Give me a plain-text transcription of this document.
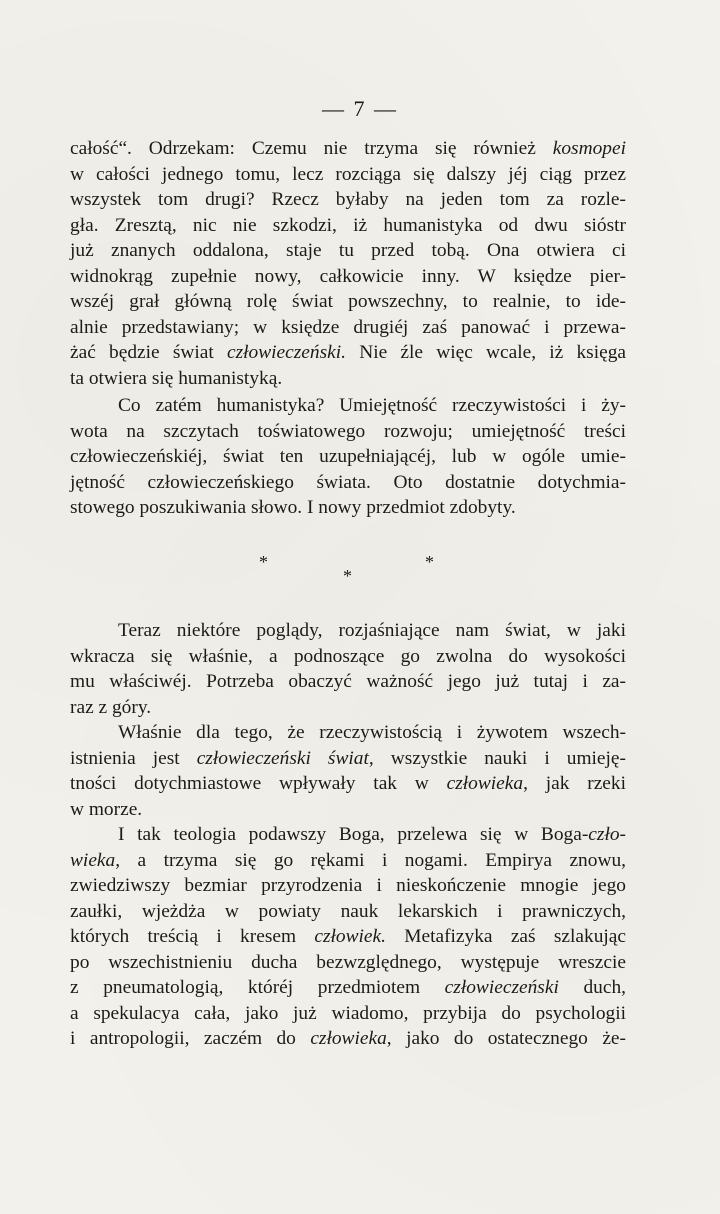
— 7 —
całość“. Odrzekam: Czemu nie trzyma się również kosmopei
w całości jednego tomu, lecz rozciąga się dalszy jéj ciąg przez
wszystek tom drugi? Rzecz byłaby na jeden tom za rozle-
gła. Zresztą, nic nie szkodzi, iż humanistyka od dwu sióstr
już znanych oddalona, staje tu przed tobą. Ona otwiera ci
widnokrąg zupełnie nowy, całkowicie inny. W księdze pier-
wszéj grał główną rolę świat powszechny, to realnie, to ide-
alnie przedstawiany; w księdze drugiéj zaś panować i przewa-
żać będzie świat człowieczeński. Nie źle więc wcale, iż księga
ta otwiera się humanistyką.
Co zatém humanistyka? Umiejętność rzeczywistości i ży-
wota na szczytach toświatowego rozwoju; umiejętność treści
człowieczeńskiéj, świat ten uzupełniającéj, lub w ogóle umie-
jętność człowieczeńskiego świata. Oto dostatnie dotychmia-
stowego poszukiwania słowo. I nowy przedmiot zdobyty.
*
*
*
Teraz niektóre poglądy, rozjaśniające nam świat, w jaki
wkracza się właśnie, a podnoszące go zwolna do wysokości
mu właściwéj. Potrzeba obaczyć ważność jego już tutaj i za-
raz z góry.
Właśnie dla tego, że rzeczywistością i żywotem wszech-
istnienia jest człowieczeński świat, wszystkie nauki i umieję-
tności dotychmiastowe wpływały tak w człowieka, jak rzeki
w morze.
I tak teologia podawszy Boga, przelewa się w Boga-czło-
wieka, a trzyma się go rękami i nogami. Empirya znowu,
zwiedziwszy bezmiar przyrodzenia i nieskończenie mnogie jego
zaułki, wjeżdża w powiaty nauk lekarskich i prawniczych,
których treścią i kresem człowiek. Metafizyka zaś szlakując
po wszechistnieniu ducha bezwzględnego, występuje wreszcie
z pneumatologią, któréj przedmiotem człowieczeński duch,
a spekulacya cała, jako już wiadomo, przybija do psychologii
i antropologii, zaczém do człowieka, jako do ostatecznego że-
